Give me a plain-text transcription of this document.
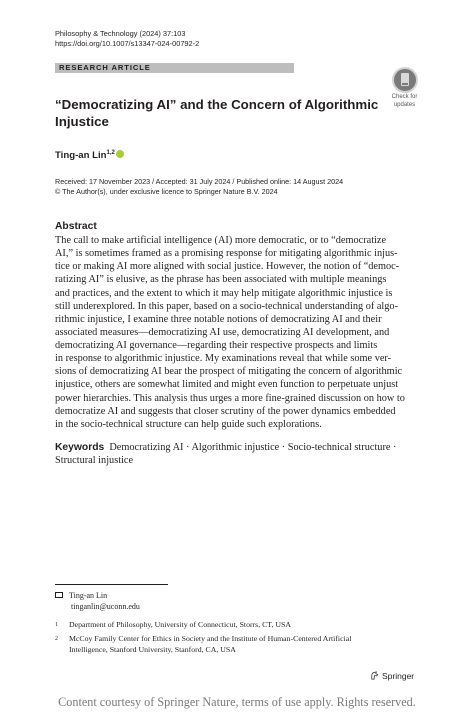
Philosophy & Technology (2024) 37:103
https://doi.org/10.1007/s13347-024-00792-2
RESEARCH ARTICLE
Check for
updates
“Democratizing AI” and the Concern of Algorithmic
Injustice
Ting-an Lin$^{1,2}$
Received: 17 November 2023 / Accepted: 31 July 2024 / Published online: 14 August 2024
© The Author(s), under exclusive licence to Springer Nature B.V. 2024
Abstract
The call to make artificial intelligence (AI) more democratic, or to “democratize
AI,” is sometimes framed as a promising response for mitigating algorithmic injus-
tice or making AI more aligned with social justice. However, the notion of “democ-
ratizing AI” is elusive, as the phrase has been associated with multiple meanings
and practices, and the extent to which it may help mitigate algorithmic injustice is
still underexplored. In this paper, based on a socio-technical understanding of algo-
rithmic injustice, I examine three notable notions of democratizing AI and their
associated measures—democratizing AI use, democratizing AI development, and
democratizing AI governance—regarding their respective prospects and limits
in response to algorithmic injustice. My examinations reveal that while some ver-
sions of democratizing AI bear the prospect of mitigating the concern of algorithmic
injustice, others are somewhat limited and might even function to perpetuate unjust
power hierarchies. This analysis thus urges a more fine-grained discussion on how to
democratize AI and suggests that closer scrutiny of the power dynamics embedded
in the socio-technical structure can help guide such explorations.
Keywords Democratizing AI · Algorithmic injustice · Socio-technical structure ·
Structural injustice
Ting-an Lin
tinganlin@uconn.edu
1 Department of Philosophy, University of Connecticut, Storrs, CT, USA
2 McCoy Family Center for Ethics in Society and the Institute of Human-Centered Artificial Intelligence, Stanford University, Stanford, CA, USA
Springer
Content courtesy of Springer Nature, terms of use apply. Rights reserved.
